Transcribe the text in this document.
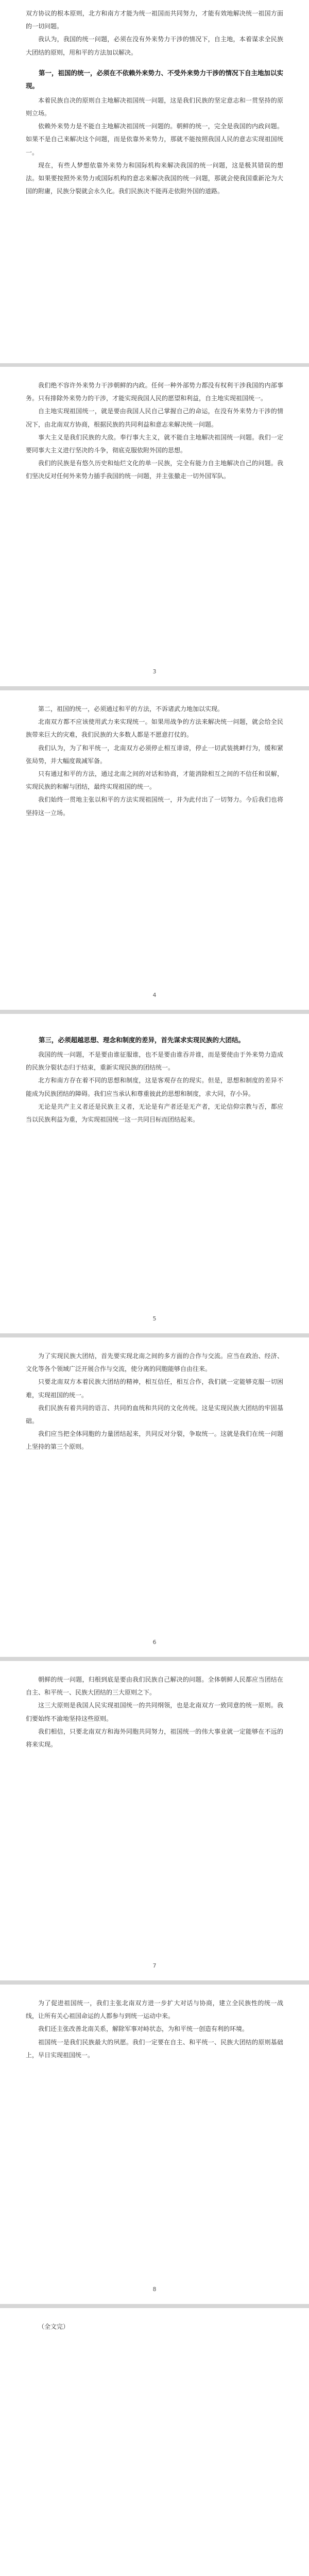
双方协议的根本原则，北方和南方才能为统一祖国而共同努力，才能有效地解决统一祖国方面的一切问题。

我认为，我国的统一问题，必须在没有外来势力干涉的情况下，自主地，本着谋求全民族大团结的原则，用和平的方法加以解决。

第一，祖国的统一，必须在不依赖外来势力、不受外来势力干涉的情况下自主地加以实现。

本着民族自决的原则自主地解决祖国统一问题，这是我们民族的坚定意志和一贯坚持的原则立场。

依赖外来势力是不能自主地解决祖国统一问题的。朝鲜的统一，完全是我国的内政问题。如果不是自己来解决这个问题，而是依靠外来势力，那就不能按照我国人民的意志实现祖国统一。

现在，有些人梦想依靠外来势力和国际机构来解决我国的统一问题，这是极其错误的想法。如果要按照外来势力或国际机构的意志来解决我国的统一问题，那就会使我国重新沦为大国的附庸，民族分裂就会永久化。我们民族决不能再走依附外国的道路。

我们绝不容许外来势力干涉朝鲜的内政。任何一种外部势力都没有权利干涉我国的内部事务。只有排除外来势力的干涉，才能实现我国人民的愿望和利益，自主地实现祖国统一。

自主地实现祖国统一，就是要由我国人民自己掌握自己的命运，在没有外来势力干涉的情况下，由北南双方协商，根据民族的共同利益和意志来解决统一问题。

事大主义是我们民族的大敌。奉行事大主义，就不能自主地解决祖国统一问题。我们一定要同事大主义进行坚决的斗争，彻底克服依附外国的思想。

我们的民族是有悠久历史和灿烂文化的单一民族，完全有能力自主地解决自己的问题。我们坚决反对任何外来势力插手我国的统一问题，并主张撤走一切外国军队。

3

第二，祖国的统一，必须通过和平的方法，不诉诸武力地加以实现。

北南双方都不应该使用武力来实现统一。如果用战争的方法来解决统一问题，就会给全民族带来巨大的灾难，我们民族的大多数人都是不愿意打仗的。

我们认为，为了和平统一，北南双方必须停止相互诽谤，停止一切武装挑衅行为，缓和紧张局势，并大幅度裁减军备。

只有通过和平的方法，通过北南之间的对话和协商，才能消除相互之间的不信任和误解，实现民族的和解与团结，最终实现祖国的统一。

我们始终一贯地主张以和平的方法实现祖国统一，并为此付出了一切努力。今后我们也将坚持这一立场。

4
第三，必须超越思想、理念和制度的差异，首先谋求实现民族的大团结。

我国的统一问题，不是要由谁征服谁，也不是要由谁吞并谁，而是要使由于外来势力造成的民族分裂状态归于结束，重新实现民族的团结统一。

北方和南方存在着不同的思想和制度，这是客观存在的现实。但是，思想和制度的差异不能成为民族团结的障碍。我们应当承认和尊重彼此的思想和制度，求大同，存小异。

无论是共产主义者还是民族主义者，无论是有产者还是无产者，无论信仰宗教与否，都应当以民族利益为重，为实现祖国统一这一共同目标而团结起来。

5

为了实现民族大团结，首先要实现北南之间的多方面的合作与交流。应当在政治、经济、文化等各个领域广泛开展合作与交流，使分离的同胞能够自由往来。

只要北南双方本着民族大团结的精神，相互信任，相互合作，我们就一定能够克服一切困难，实现祖国的统一。

我们民族有着共同的语言、共同的血统和共同的文化传统。这是实现民族大团结的牢固基础。

我们应当把全体同胞的力量团结起来，共同反对分裂，争取统一。这就是我们在统一问题上坚持的第三个原则。

6

朝鲜的统一问题，归根到底是要由我们民族自己解决的问题。全体朝鲜人民都应当团结在自主、和平统一、民族大团结的三大原则之下。

这三大原则是我国人民实现祖国统一的共同纲领，也是北南双方一致同意的统一原则。我们要始终不渝地坚持这些原则。

我们相信，只要北南双方和海外同胞共同努力，祖国统一的伟大事业就一定能够在不远的将来实现。

7

为了促进祖国统一，我们主张北南双方进一步扩大对话与协商，建立全民族性的统一战线，让所有关心祖国命运的人都参与到统一运动中来。

我们还主张改善北南关系，解除军事对峙状态，为和平统一创造有利的环境。

祖国统一是我们民族最大的夙愿。我们一定要在自主、和平统一、民族大团结的原则基础上，早日实现祖国统一。

8

（全文完）
